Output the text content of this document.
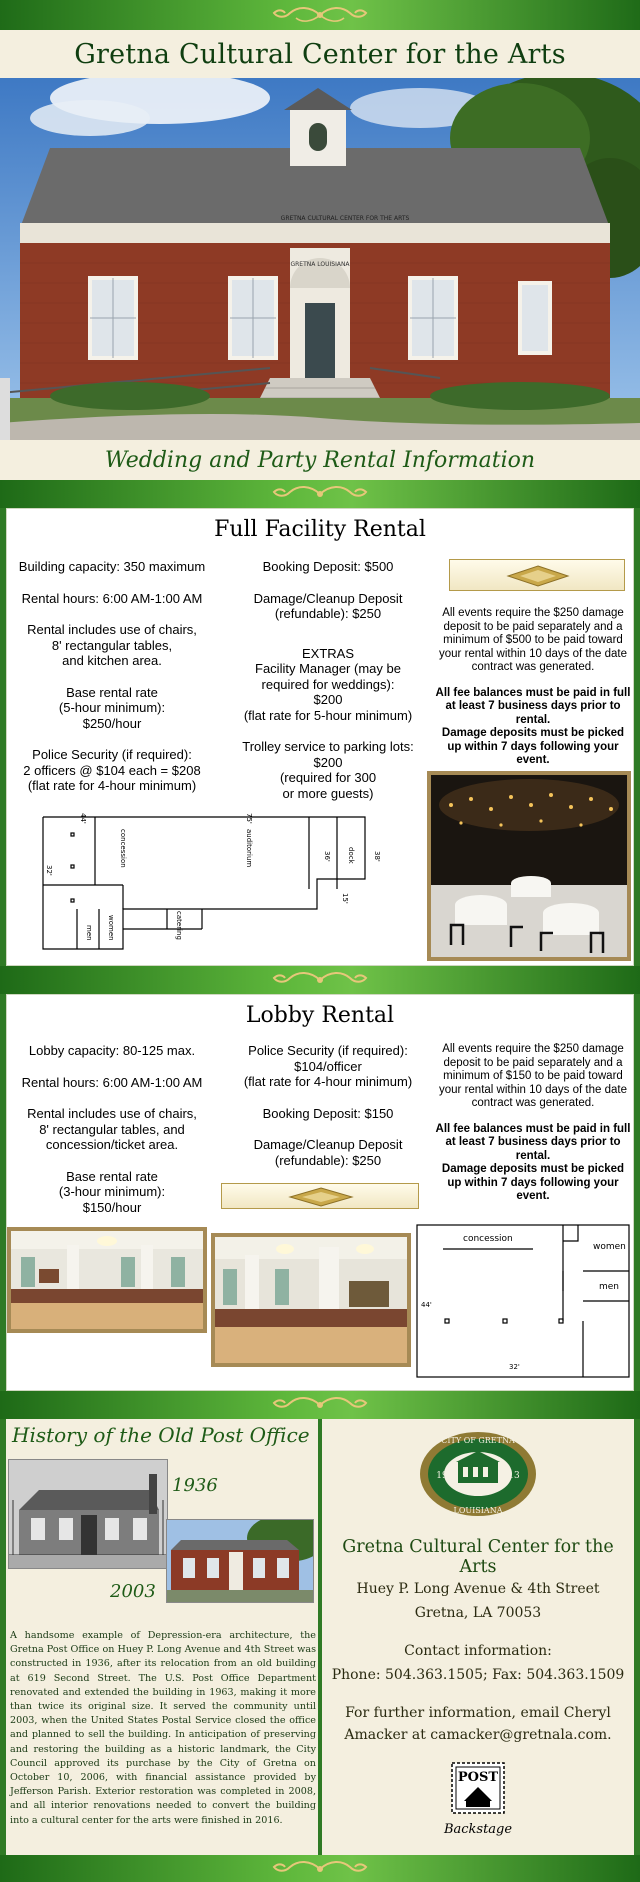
Gretna Cultural Center for the Arts
GRETNA LOUISIANA
GRETNA CULTURAL CENTER FOR THE ARTS
Wedding and Party Rental Information
Full Facility Rental

Building capacity: 350 maximum

Rental hours: 6:00 AM-1:00 AM

Rental includes use of chairs,
8' rectangular tables,
and kitchen area.

Base rental rate
(5-hour minimum):
$250/hour

Police Security (if required):
2 officers @ $104 each = $208
(flat rate for 4-hour minimum)

Booking Deposit: $500

Damage/Cleanup Deposit
(refundable): $250

EXTRAS
Facility Manager (may be
required for weddings):
$200
(flat rate for 5-hour minimum)

Trolley service to parking lots:
$200
(required for 300
or more guests)

All events require the $250 damage deposit to be paid separately and a minimum of $500 to be paid toward your rental within 10 days of the date contract was generated.

All fee balances must be paid in full at least 7 business days prior to rental.

Damage deposits must be picked up within 7 days following your event.

44'
concession	auditorium	36' dock	38'
32'
men women	catering
15'
75'
Lobby Rental

Lobby capacity: 80-125 max.

Rental hours: 6:00 AM-1:00 AM

Rental includes use of chairs,
8' rectangular tables, and
concession/ticket area.

Base rental rate
(3-hour minimum):
$150/hour

Police Security (if required):
$104/officer
(flat rate for 4-hour minimum)

Booking Deposit: $150

Damage/Cleanup Deposit
(refundable): $250

All events require the $250 damage deposit to be paid separately and a minimum of $150 to be paid toward your rental within 10 days of the date contract was generated.

All fee balances must be paid in full at least 7 business days prior to rental.

Damage deposits must be picked up within 7 days following your event.

concession
women
men
44'
32'
History of the Old Post Office
1936
2003
A handsome example of Depression-era architecture, the Gretna Post Office on Huey P. Long Avenue and 4th Street was constructed in 1936, after its relocation from an old building at 619 Second Street. The U.S. Post Office Department renovated and extended the building in 1963, making it more than twice its original size. It served the community until 2003, when the United States Postal Service closed the office and planned to sell the building. In anticipation of preserving and restoring the building as a historic landmark, the City Council approved its purchase by the City of Gretna on October 10, 2006, with financial assistance provided by Jefferson Parish. Exterior restoration was completed in 2008, and all interior renovations needed to convert the building into a cultural center for the arts were finished in 2016.
CITY OF GRETNA
LOUISIANA
19	13
Gretna Cultural Center for the Arts
Huey P. Long Avenue & 4th Street
Gretna, LA 70053
Contact information:
Phone: 504.363.1505; Fax: 504.363.1509
For further information, email Cheryl
Amacker at camacker@gretnala.com.
POST
Backstage
